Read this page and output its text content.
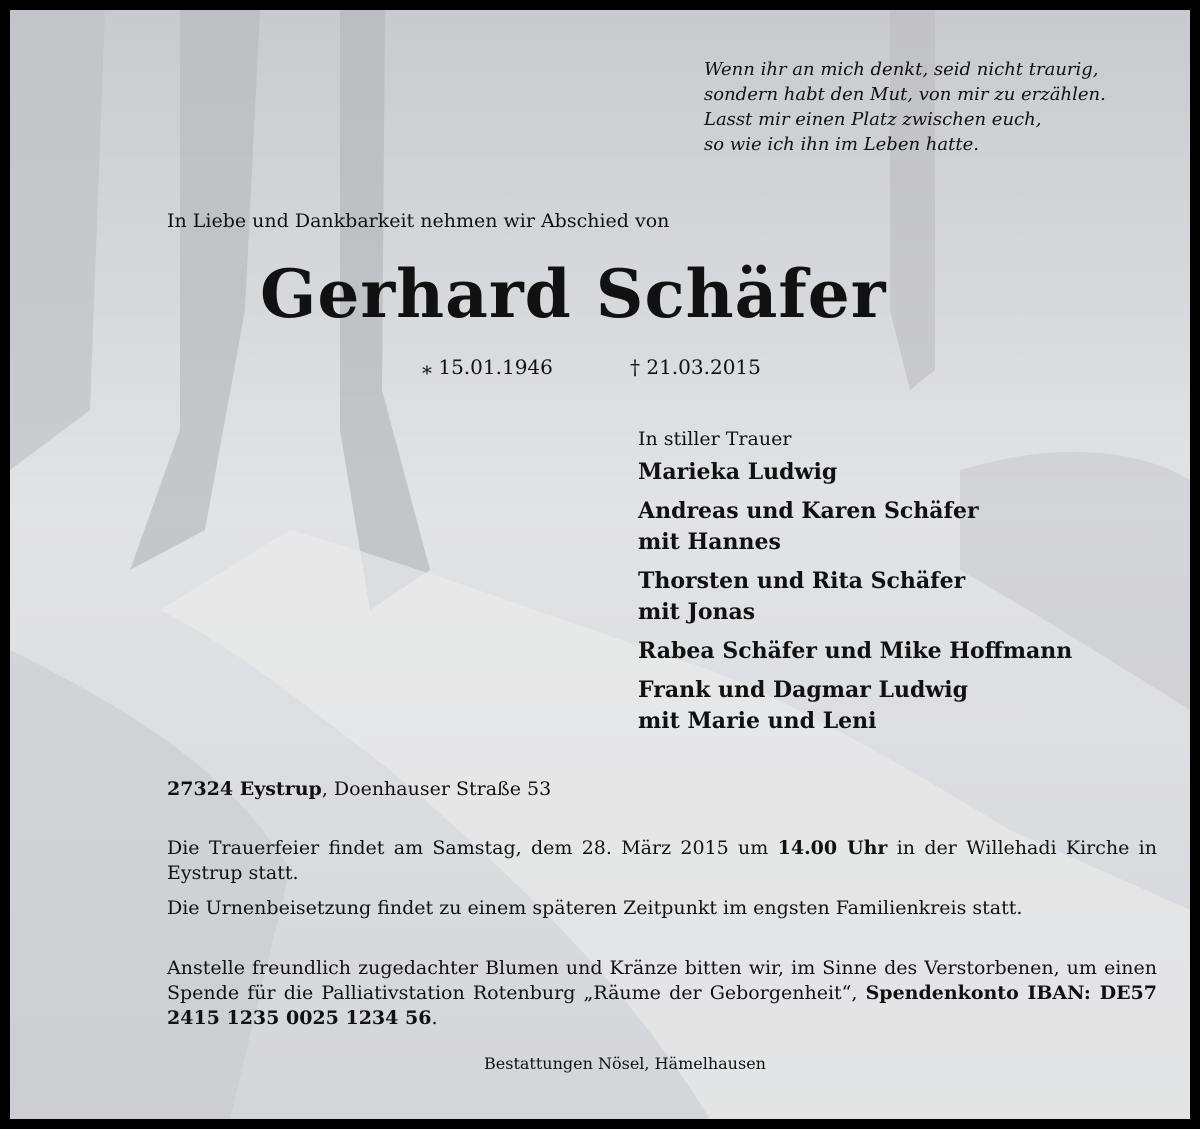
Wenn ihr an mich denkt, seid nicht traurig,
sondern habt den Mut, von mir zu erzählen.
Lasst mir einen Platz zwischen euch,
so wie ich ihn im Leben hatte.
In Liebe und Dankbarkeit nehmen wir Abschied von
Gerhard Schäfer
⁎ 15.01.1946	† 21.03.2015
In stiller Trauer
Marieka Ludwig
Andreas und Karen Schäfer
mit Hannes
Thorsten und Rita Schäfer
mit Jonas
Rabea Schäfer und Mike Hoffmann
Frank und Dagmar Ludwig
mit Marie und Leni
27324 Eystrup, Doenhauser Straße 53
Die Trauerfeier findet am Samstag, dem 28. März 2015 um 14.00 Uhr in der Willehadi Kirche in Eystrup statt.
Die Urnenbeisetzung findet zu einem späteren Zeitpunkt im engsten Familienkreis statt.
Anstelle freundlich zugedachter Blumen und Kränze bitten wir, im Sinne des Verstorbenen, um einen Spende für die Palliativstation Rotenburg „Räume der Geborgenheit“, Spendenkonto IBAN: DE57 2415 1235 0025 1234 56.
Bestattungen Nösel, Hämelhausen
